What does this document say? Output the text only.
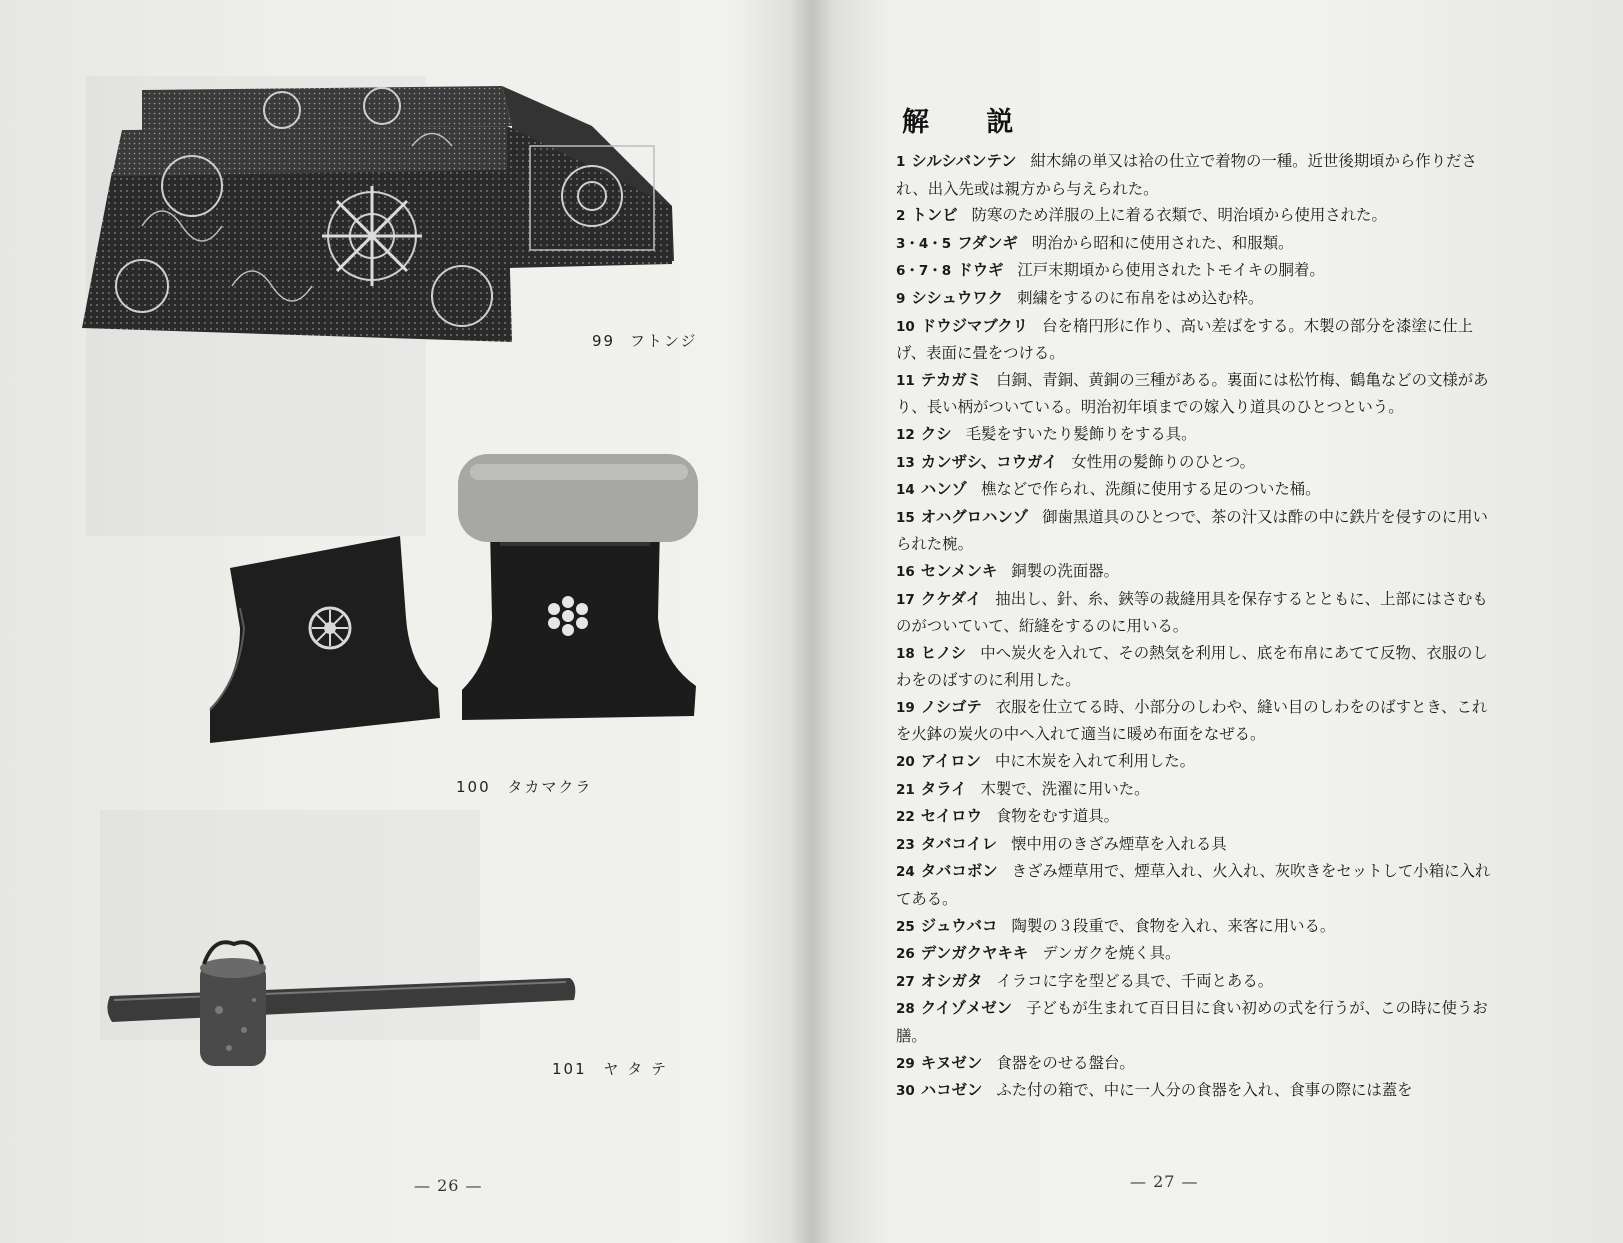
99 フトンジ
100 タカマクラ
101 ヤ タ テ
— 26 —
解 説

1 シルシバンテン 紺木綿の単又は袷の仕立で着物の一種。近世後期頃から作りだされ、出入先或は親方から与えられた。

2 トンビ 防寒のため洋服の上に着る衣類で、明治頃から使用された。

3・4・5 フダンギ 明治から昭和に使用された、和服類。

6・7・8 ドウギ 江戸末期頃から使用されたトモイキの胴着。

9 シシュウワク 刺繍をするのに布帛をはめ込む枠。

10 ドウジマブクリ 台を楕円形に作り、高い差ばをする。木製の部分を漆塗に仕上げ、表面に畳をつける。

11 テカガミ 白銅、青銅、黄銅の三種がある。裏面には松竹梅、鶴亀などの文様があり、長い柄がついている。明治初年頃までの嫁入り道具のひとつという。

12 クシ 毛髪をすいたり髪飾りをする具。

13 カンザシ、コウガイ 女性用の髪飾りのひとつ。

14 ハンゾ 樵などで作られ、洗顔に使用する足のついた桶。

15 オハグロハンゾ 御歯黒道具のひとつで、茶の汁又は酢の中に鉄片を侵すのに用いられた椀。

16 センメンキ 銅製の洗面器。

17 クケダイ 抽出し、針、糸、鋏等の裁縫用具を保存するとともに、上部にはさむものがついていて、絎縫をするのに用いる。

18 ヒノシ 中へ炭火を入れて、その熱気を利用し、底を布帛にあてて反物、衣服のしわをのばすのに利用した。

19 ノシゴテ 衣服を仕立てる時、小部分のしわや、縫い目のしわをのばすとき、これを火鉢の炭火の中へ入れて適当に暖め布面をなぜる。

20 アイロン 中に木炭を入れて利用した。

21 タライ 木製で、洗濯に用いた。

22 セイロウ 食物をむす道具。

23 タバコイレ 懐中用のきざみ煙草を入れる具

24 タバコボン きざみ煙草用で、煙草入れ、火入れ、灰吹きをセットして小箱に入れてある。

25 ジュウバコ 陶製の３段重で、食物を入れ、来客に用いる。

26 デンガクヤキキ デンガクを焼く具。

27 オシガタ イラコに字を型どる具で、千両とある。

28 クイゾメゼン 子どもが生まれて百日目に食い初めの式を行うが、この時に使うお膳。

29 キヌゼン 食器をのせる盤台。

30 ハコゼン ふた付の箱で、中に一人分の食器を入れ、食事の際には蓋を

— 27 —
